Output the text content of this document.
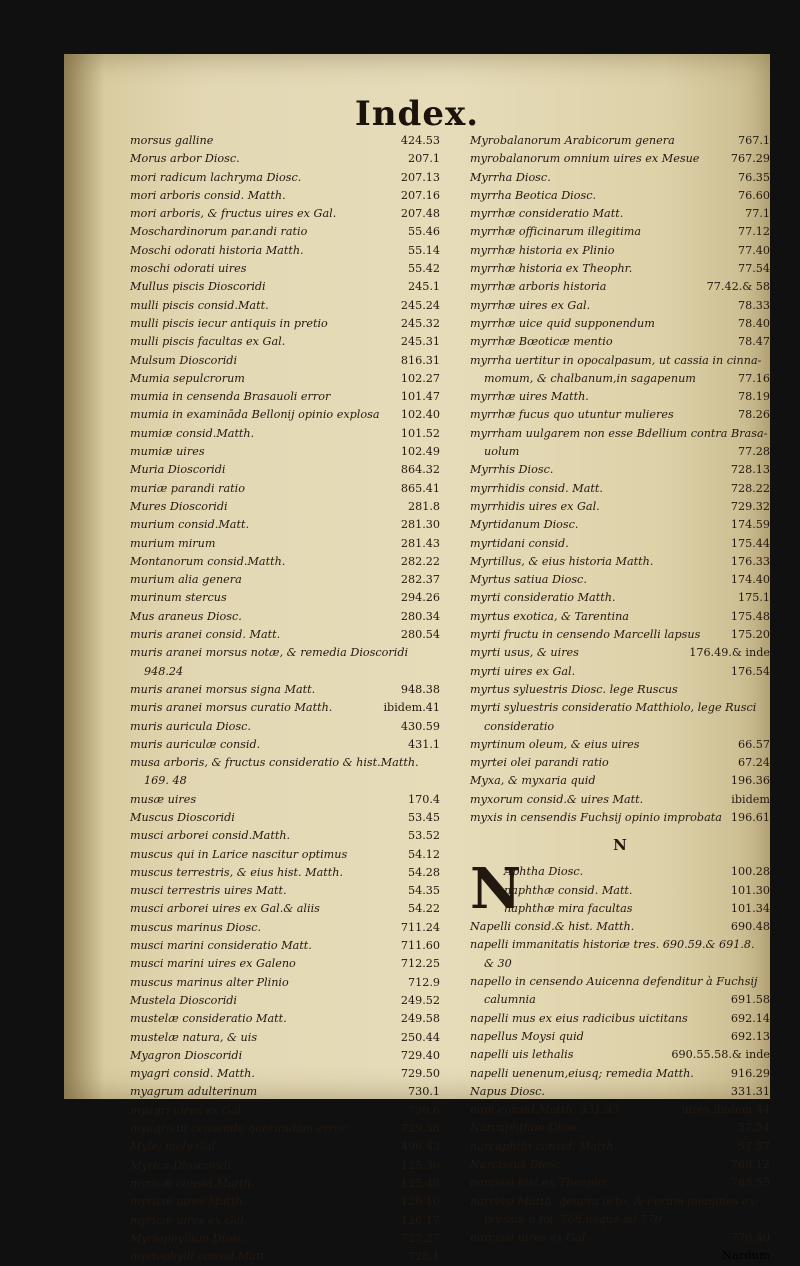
Index.
morsus galline	424.53
Morus arbor Diosc.	207.1
mori radicum lachryma Diosc.	207.13
mori arboris consid. Matth.	207.16
mori arboris, & fructus uires ex Gal.	207.48
Moschardinorum par.andi ratio	55.46
Moschi odorati historia Matth.	55.14
moschi odorati uires	55.42
Mullus piscis Dioscoridi	245.1
mulli piscis consid.Matt.	245.24
mulli piscis iecur antiquis in pretio	245.32
mulli piscis facultas ex Gal.	245.31
Mulsum Dioscoridi	816.31
Mumia sepulcrorum	102.27
mumia in censenda Brasauoli error	101.47
mumia in examināda Bellonij opinio explosa 102.40
mumiæ consid.Matth.	101.52
mumiæ uires	102.49
Muria Dioscoridi	864.32
muriæ parandi ratio	865.41
Mures Dioscoridi	281.8
murium consid.Matt.	281.30
murium mirum	281.43
Montanorum consid.Matth.	282.22
murium alia genera	282.37
murinum stercus	294.26
Mus araneus Diosc.	280.34
muris aranei consid. Matt.	280.54
muris aranei morsus notæ, & remedia Dioscoridi
948.24
muris aranei morsus signa Matt.	948.38
muris aranei morsus curatio Matth.	ibidem.41
muris auricula Diosc.	430.59
muris auriculæ consid.	431.1
musa arboris, & fructus consideratio & hist.Matth.
169. 48
musæ uires	170.4
Muscus Dioscoridi	53.45
musci arborei consid.Matth.	53.52
muscus qui in Larice nascitur optimus	54.12
muscus terrestris, & eius hist. Matth.	54.28
musci terrestris uires Matt.	54.35
musci arborei uires ex Gal.& aliis	54.22
muscus marinus Diosc.	711.24
musci marini consideratio Matt.	711.60
musci marini uires ex Galeno	712.25
muscus marinus alter Plinio	712.9
Mustela Dioscoridi	249.52
mustelæ consideratio Matt.	249.58
mustelæ natura, & uis	250.44
Myagron Dioscoridi	729.40
myagri consid. Matth.	729.50
myagrum adulterinum	730.1
myagri uires ex Gal.	730.6
myagro in censendo quorundam error	729.58
Myle, moly Gal.	496.43
Myrica Dioscoridi	125.30
myricæ consid.Matth.	125.48
myricæ uires Matth.	126.10
myricæ uires ex Gal.	126.17
Myriophyllum Diosc.	727.27
myriophylli consid.Matt.	728.1
Myrobalanorum Arabicorum genera	767.1
myrobalanorum omnium uires ex Mesue	767.29
Myrrha Diosc.	76.35
myrrha Beotica Diosc.	76.60
myrrhæ consideratio Matt.	77.1
myrrhæ officinarum illegitima	77.12
myrrhæ historia ex Plinio	77.40
myrrhæ historia ex Theophr.	77.54
myrrhæ arboris historia	77.42.& 58
myrrhæ uires ex Gal.	78.33
myrrhæ uice quid supponendum	78.40
myrrhæ Bœoticæ mentio	78.47
myrrha uertitur in opocalpasum, ut cassia in cinna-
momum, & chalbanum,in sagapenum	77.16
myrrhæ uires Matth.	78.19
myrrhæ fucus quo utuntur mulieres	78.26
myrrham uulgarem non esse Bdellium contra Brasa-
uolum	77.28
Myrrhis Diosc.	728.13
myrrhidis consid. Matt.	728.22
myrrhidis uires ex Gal.	729.32
Myrtidanum Diosc.	174.59
myrtidani consid.	175.44
Myrtillus, & eius historia Matth.	176.33
Myrtus satiua Diosc.	174.40
myrti consideratio Matth.	175.1
myrtus exotica, & Tarentina	175.48
myrti fructu in censendo Marcelli lapsus	175.20
myrti usus, & uires	176.49.& inde
myrti uires ex Gal.	176.54
myrtus syluestris Diosc. lege Ruscus
myrti syluestris consideratio Matthiolo, lege Rusci
consideratio
myrtinum oleum, & eius uires	66.57
myrtei olei parandi ratio	67.24
Myxa, & myxaria quid	196.36
myxorum consid.& uires Matt.	ibidem
myxis in censendis Fuchsij opinio improbata 196.61
N
N
Aphtha Diosc.	100.28
naphthæ consid. Matt.	101.30
naphthæ mira facultas	101.34
Napelli consid.& hist. Matth.	690.48
napelli immanitatis historiæ tres. 690.59.& 691.8.
& 30
napello in censendo Auicenna defenditur à Fuchsij
calumnia	691.58
napelli mus ex eius radicibus uictitans	692.14
napellus Moysi quid	692.13
napelli uis lethalis	690.55.58.& inde
napelli uenenum,eiusq; remedia Matth.	916.29
Napus Diosc.	331.31
napi consid.Matth. 331.33	uires ibidem 44
Narcaphthon Diosc.	57.54
narcaphthi consid. Matth.	57.57
Narcissus Diosc.	768.12
narcissi hist.ex Theophr.	768.55
narcissi Matth. genera octo, & eorum imagines ex-
pressæ à fol. 768.usque ad 770
narcissi uires ex Gal.	770.40
Nardum
